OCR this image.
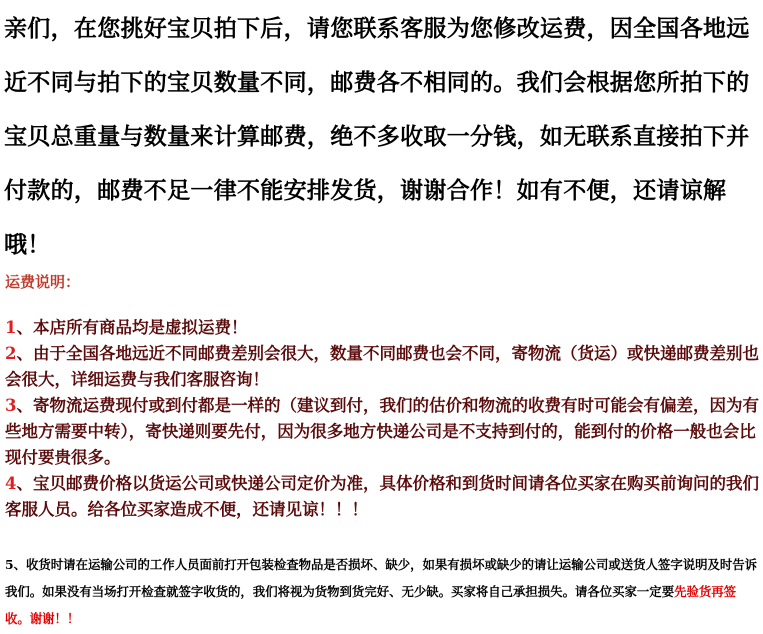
亲们，在您挑好宝贝拍下后，请您联系客服为您修改运费，因全国各地远近不同与拍下的宝贝数量不同，邮费各不相同的。我们会根据您所拍下的宝贝总重量与数量来计算邮费，绝不多收取一分钱，如无联系直接拍下并付款的，邮费不足一律不能安排发货，谢谢合作！如有不便，还请谅解哦！
运费说明：

1、本店所有商品均是虚拟运费！

2、由于全国各地远近不同邮费差别会很大，数量不同邮费也会不同，寄物流（货运）或快递邮费差别也会很大，详细运费与我们客服咨询！

3、寄物流运费现付或到付都是一样的（建议到付，我们的估价和物流的收费有时可能会有偏差，因为有些地方需要中转），寄快递则要先付，因为很多地方快递公司是不支持到付的，能到付的价格一般也会比现付要贵很多。

4、宝贝邮费价格以货运公司或快递公司定价为准，具体价格和到货时间请各位买家在购买前询问的我们客服人员。给各位买家造成不便，还请见谅！！！

5、收货时请在运输公司的工作人员面前打开包装检查物品是否损坏、缺少，如果有损坏或缺少的请让运输公司或送货人签字说明及时告诉我们。如果没有当场打开检查就签字收货的，我们将视为货物到货完好、无少缺。买家将自己承担损失。请各位买家一定要先验货再签收。谢谢！！
